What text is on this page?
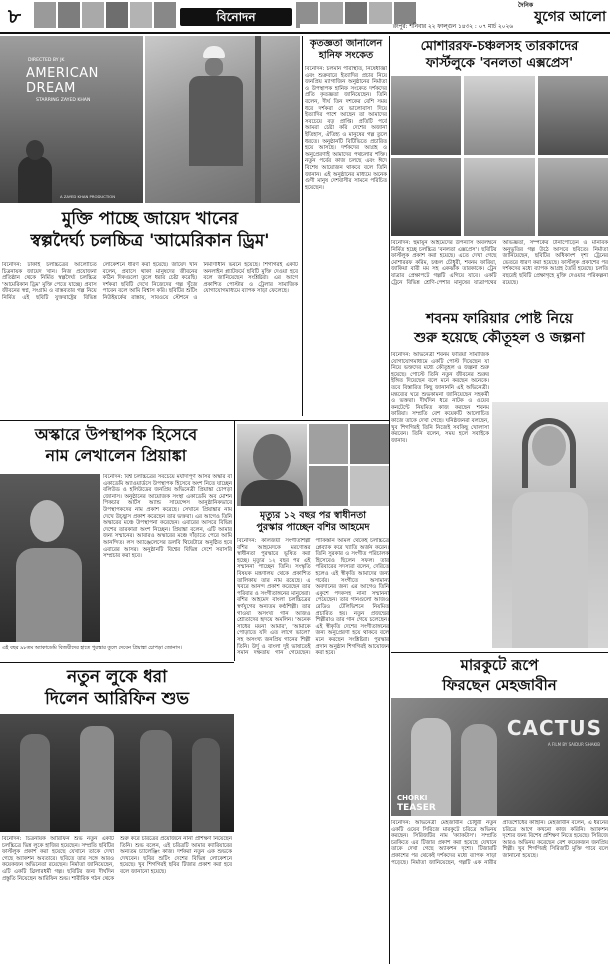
৮	বিনোদন
রংপুর: শনিবার ২২ ফাল্গুন ১৪৩২ : ০৭ মার্চ ২০২৬
দৈনিক
যুগের আলো
DIRECTED BY JK
AMERICAN
DREAM
STARRING ZAYED KHAN
A ZAYED KHAN PRODUCTION
মুক্তি পাচ্ছে জায়েদ খানের
স্বল্পদৈর্ঘ্য চলচ্চিত্র 'আমেরিকান ড্রিম'
বিনোদন: ঢাকাই চলচ্চিত্রের আলোচিত চিত্রনায়ক জায়েদ খান। নিজ প্রযোজনা প্রতিষ্ঠান থেকে নির্মিত স্বল্পদৈর্ঘ্য চলচ্চিত্র 'আমেরিকান ড্রিম' মুক্তি পেতে যাচ্ছে। প্রবাস জীবনের স্বপ্ন, সংগ্রাম ও বাস্তবতার গল্প নিয়ে নির্মিত এই ছবিটি যুক্তরাষ্ট্রের বিভিন্ন লোকেশনে ধারণ করা হয়েছে। জায়েদ খান বলেন, প্রবাসে থাকা মানুষদের জীবনের কঠিন দিকগুলো তুলে ধরার চেষ্টা করেছি। দর্শকরা ছবিটি দেখে নিজেদের গল্প খুঁজে পাবেন বলে আমি বিশ্বাস করি। ছবিটির শুটিং নিউইয়র্কের রাস্তায়, সাবওয়ে স্টেশনে ও নির্মাণাধীন ভবনে হয়েছে। শিগগিরই একটি অনলাইন প্ল্যাটফর্মে ছবিটি মুক্তি দেওয়া হবে বলে জানিয়েছেন সংশ্লিষ্টরা। এর আগে প্রকাশিত পোস্টার ও ট্রেলার সামাজিক যোগাযোগমাধ্যমে ব্যাপক সাড়া ফেলেছে।
কৃতজ্ঞতা জানালেন
হানিফ সংকেত
বিনোদন: চলমান পরিস্থিতি, নিষেধাজ্ঞা এবং শুক্রবারে ইত্যাদির প্রচার নিয়ে জনপ্রিয় ম্যাগাজিন অনুষ্ঠানের নির্মাতা ও উপস্থাপক হানিফ সংকেত দর্শকদের প্রতি কৃতজ্ঞতা জানিয়েছেন। তিনি বলেন, দীর্ঘ তিন দশকের বেশি সময় ধরে দর্শকরা যে ভালোবাসা দিয়ে ইত্যাদির পাশে আছেন তা আমাদের সবচেয়ে বড় প্রাপ্তি। প্রতিটি পর্বে আমরা চেষ্টা করি দেশের অজানা ইতিহাস, ঐতিহ্য ও মানুষের গল্প তুলে ধরতে। অনুষ্ঠানটি বিটিভিতে প্রচারিত হয়ে আসছে। দর্শকদের আগ্রহ ও অনুপ্রেরণাই আমাদের পথচলার শক্তি। নতুন পর্বের কাজ চলছে এবং ঈদে বিশেষ আয়োজন থাকবে বলে তিনি জানান। এই অনুষ্ঠানের মাধ্যমে অনেক গুণী মানুষ দেশবাসীর সামনে পরিচিত হয়েছেন।
মোশাররফ-চঞ্চলসহ তারকাদের
ফার্স্টলুকে 'বনলতা এক্সপ্রেস'
বিনোদন: হুমায়ূন আহমেদের উপন্যাস অবলম্বনে নির্মিত হচ্ছে চলচ্চিত্র 'বনলতা এক্সপ্রেস'। ছবিটির ফার্স্টলুক প্রকাশ করা হয়েছে। এতে দেখা গেছে মোশাররফ করিম, চঞ্চল চৌধুরী, শবনম ফারিয়া, জাকিয়া বারী মম সহ একঝাঁক তারকাকে। ট্রেন যাত্রার প্রেক্ষাপটে গল্পটি এগিয়ে যাবে। একটি ট্রেনে বিভিন্ন শ্রেণি-পেশার মানুষের যাত্রাপথের অভিজ্ঞতা, সম্পর্কের টানাপোড়েন ও মানবিক অনুভূতির গল্প উঠে আসবে ছবিতে। নির্মাতা জানিয়েছেন, ছবিটির অধিকাংশ দৃশ্য ট্রেনের ভেতরে ধারণ করা হয়েছে। ফার্স্টলুক প্রকাশের পর দর্শকদের মধ্যে ব্যাপক আগ্রহ তৈরি হয়েছে। চলতি বছরেই ছবিটি প্রেক্ষাগৃহে মুক্তি দেওয়ার পরিকল্পনা রয়েছে।
শবনম ফারিয়ার পোষ্ট নিয়ে
শুরু হয়েছে কৌতূহল ও জল্পনা
বিনোদন: অভিনেত্রী শবনম ফারিয়া সামাজিক যোগাযোগমাধ্যমে একটি পোস্ট দিয়েছেন যা নিয়ে ভক্তদের মধ্যে কৌতূহল ও জল্পনা শুরু হয়েছে। পোস্টে তিনি নতুন জীবনের শুরুর ইঙ্গিত দিয়েছেন বলে মনে করছেন অনেকে। তবে বিস্তারিত কিছু জানাননি এই অভিনেত্রী। মন্তব্যের ঘরে শুভকামনা জানিয়েছেন সহকর্মী ও ভক্তরা। দীর্ঘদিন ধরে নাটক ও ওয়েব কনটেন্টে নিয়মিত কাজ করছেন শবনম ফারিয়া। সম্প্রতি বেশ কয়েকটি আলোচিত কাজে তাকে দেখা গেছে। ঘনিষ্ঠজনরা বলছেন, খুব শিগগিরই তিনি নিজেই সবকিছু খোলাসা করবেন। তিনি বলেন, সময় হলে সবাইকে জানাব।
অস্কারে উপস্থাপক হিসেবে
নাম লেখালেন প্রিয়াঙ্কা
বিনোদন: বিশ্ব চলচ্চিত্রের সবচেয়ে মর্যাদাপূর্ণ আসর অস্কার বা একাডেমি অ্যাওয়ার্ডসে উপস্থাপক হিসেবে অংশ নিতে যাচ্ছেন বলিউড ও হলিউডের জনপ্রিয় অভিনেত্রী প্রিয়াঙ্কা চোপড়া জোনাস। অনুষ্ঠানের আয়োজক সংস্থা একাডেমি অব মোশন পিকচার আর্টস অ্যান্ড সায়েন্সেস আনুষ্ঠানিকভাবে উপস্থাপকদের নাম প্রকাশ করেছে। সেখানে প্রিয়াঙ্কার নাম দেখে উচ্ছ্বাস প্রকাশ করেছেন তার ভক্তরা। এর আগেও তিনি অস্কারের মঞ্চে উপস্থাপনা করেছেন। এবারের আসরে বিভিন্ন দেশের তারকারা অংশ নিচ্ছেন। প্রিয়াঙ্কা বলেন, এটি আমার জন্য সম্মানের। আবারও অস্কারের মঞ্চে দাঁড়াতে পেরে আমি আনন্দিত। লস অ্যাঞ্জেলেসের ডলবি থিয়েটারে অনুষ্ঠিত হবে এবারের আসর। অনুষ্ঠানটি বিশ্বের বিভিন্ন দেশে সরাসরি সম্প্রচার করা হবে।
এই বছর ৯৮তম অ্যাকাডেমি বিজয়ীদের হাতে পুরস্কার তুলে দেবেন প্রিয়াঙ্কা চোপড়া জোনাস।
মৃত্যুর ১২ বছর পর স্বাধীনতা
পুরস্কার পাচ্ছেন বশির আহমেদ
বিনোদন: কালজয়ী সংগীতশিল্পী বশির আহমেদকে মরণোত্তর স্বাধীনতা পুরস্কারে ভূষিত করা হচ্ছে। মৃত্যুর ১২ বছর পর এই সম্মাননা পাচ্ছেন তিনি। সংস্কৃতি বিষয়ক মন্ত্রণালয় থেকে প্রকাশিত তালিকায় তার নাম রয়েছে। এ খবরে আনন্দ প্রকাশ করেছেন তার পরিবার ও সংগীতাঙ্গনের মানুষেরা। বশির আহমেদ বাংলা চলচ্চিত্রের স্বর্ণযুগের অন্যতম কণ্ঠশিল্পী। তার গাওয়া অসংখ্য গান আজও শ্রোতাদের হৃদয়ে অমলিন। 'অনেক সাধের ময়না আমার', 'আমাকে পোড়াতে যদি এত লাগে ভালো' সহ অসংখ্য জনপ্রিয় গানের শিল্পী তিনি। উর্দু ও বাংলা দুই ভাষাতেই সমান দক্ষতায় গান গেয়েছেন। পাকিস্তান আমল থেকেই চলচ্চিত্রে প্লেব্যাক করে খ্যাতি অর্জন করেন। তিনি সুরকার ও সংগীত পরিচালক হিসেবেও ছিলেন সফল। তার পরিবারের সদস্যরা বলেন, দেরিতে হলেও এই স্বীকৃতি আমাদের জন্য গর্বের। সংগীতে অসামান্য অবদানের জন্য এর আগেও তিনি একুশে পদকসহ নানা সম্মাননা পেয়েছেন। তার গানগুলো আজও রেডিও টেলিভিশনে নিয়মিত প্রচারিত হয়। নতুন প্রজন্মের শিল্পীরাও তার গান গেয়ে চলেছেন। এই স্বীকৃতি দেশের সংগীতাঙ্গনের জন্য অনুপ্রেরণা হয়ে থাকবে বলে মনে করছেন সংশ্লিষ্টরা। পুরস্কার প্রদান অনুষ্ঠান শিগগিরই আয়োজন করা হবে।
নতুন লুকে ধরা
দিলেন আরিফিন শুভ
বিনোদন: চিত্রনায়ক আরিফিন শুভ নতুন একটি চলচ্চিত্রে ভিন্ন লুকে হাজির হয়েছেন। সম্প্রতি ছবিটির ফার্স্টলুক প্রকাশ করা হয়েছে যেখানে তাকে দেখা গেছে অ্যাকশন অবতারে। ছবিতে তার সঙ্গে আরও কয়েকজন অভিনেতা রয়েছেন। নির্মাতা জানিয়েছেন, এটি একটি থ্রিলারধর্মী গল্প। ছবিটির জন্য দীর্ঘদিন প্রস্তুতি নিয়েছেন আরিফিন শুভ। শারীরিক গঠন থেকে শুরু করে চরিত্রের প্রয়োজনে নানা প্রশিক্ষণ নিয়েছেন তিনি। শুভ বলেন, এই চরিত্রটি আমার ক্যারিয়ারের অন্যতম চ্যালেঞ্জিং কাজ। দর্শকরা নতুন এক শুভকে দেখবেন। ছবির শুটিং দেশের বিভিন্ন লোকেশনে হয়েছে। খুব শিগগিরই ছবির টিজার প্রকাশ করা হবে বলে জানানো হয়েছে।
মারকুটে রূপে
ফিরছেন মেহজাবীন
CACTUS
A FILM BY SAIDUR SHAKIB
CHORKI
TEASER
বিনোদন: অভিনেত্রী মেহজাবীন চৌধুরী নতুন একটি ওয়েব সিরিজে মারকুটে চরিত্রে অভিনয় করছেন। সিরিজটির নাম 'ক্যাকটাস'। সম্প্রতি চরকিতে এর টিজার প্রকাশ করা হয়েছে যেখানে তাকে দেখা গেছে অ্যাকশন দৃশ্যে। টিজারটি প্রকাশের পর থেকেই দর্শকদের মধ্যে ব্যাপক সাড়া পড়েছে। নির্মাতা জানিয়েছেন, গল্পটি এক নারীর প্রতিশোধের কাহিনি। মেহজাবীন বলেন, এ ধরনের চরিত্রে আগে কখনো কাজ করিনি। অ্যাকশন দৃশ্যের জন্য বিশেষ প্রশিক্ষণ নিতে হয়েছে। সিরিজে আরও অভিনয় করেছেন বেশ কয়েকজন জনপ্রিয় শিল্পী। খুব শিগগিরই সিরিজটি মুক্তি পাবে বলে জানানো হয়েছে।
